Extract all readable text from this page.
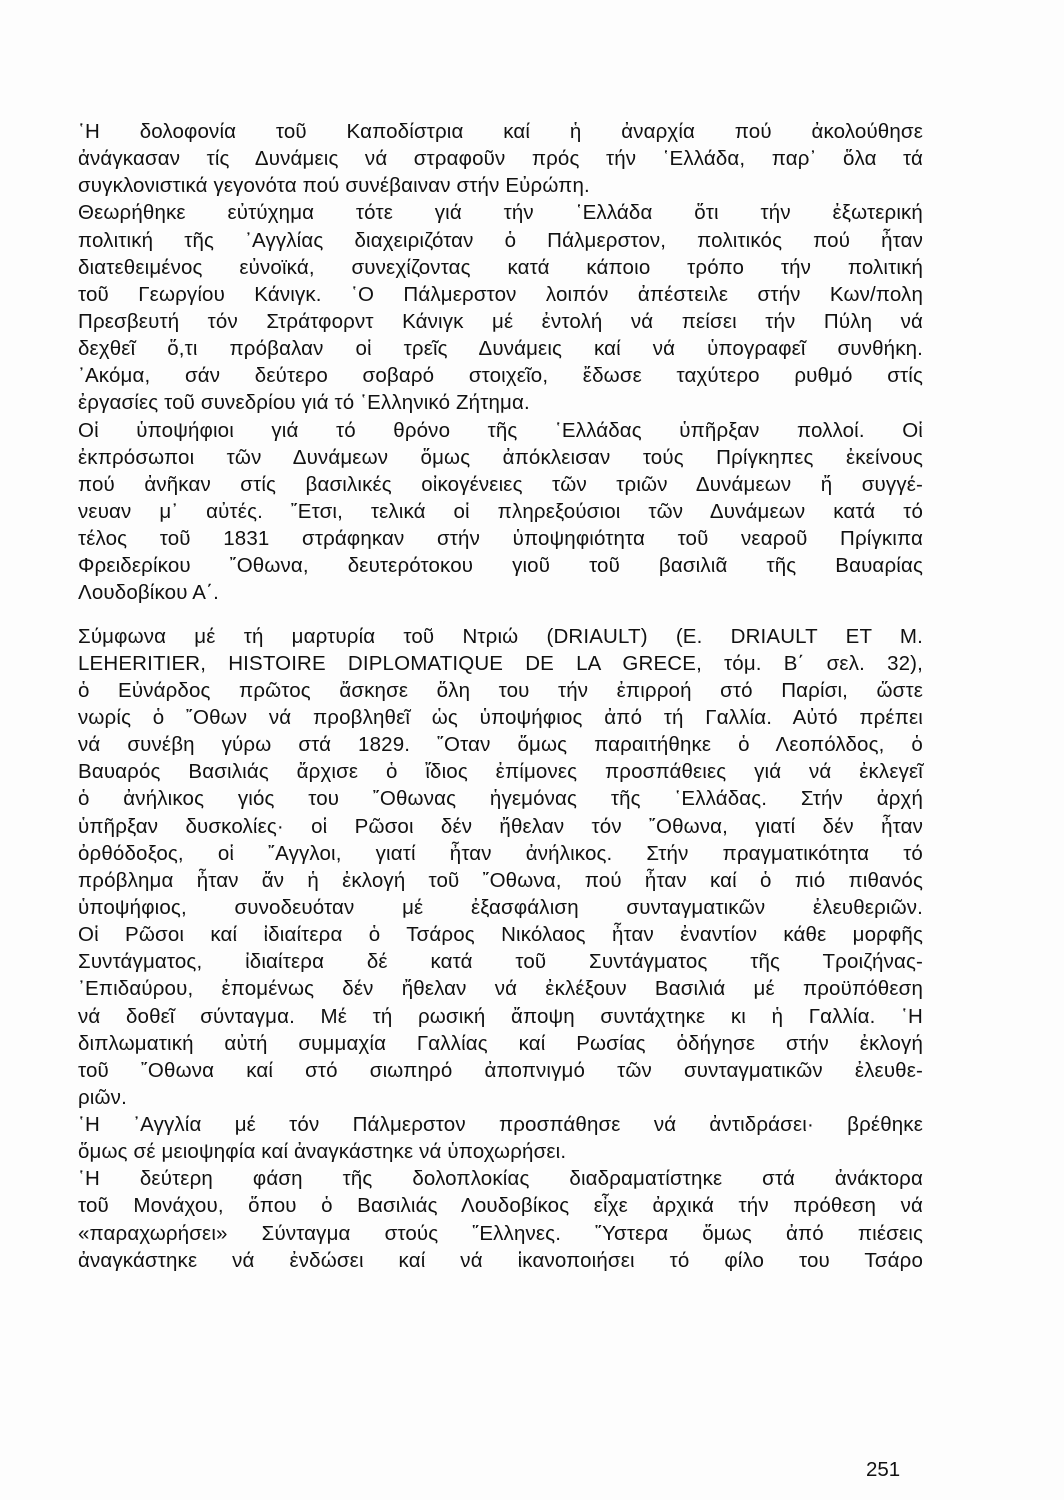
῾Η δολοφονία τοῦ Καποδίστρια καί ἡ ἀναρχία πού ἀκολούθησε
ἀνάγκασαν τίς Δυνάμεις νά στραφοῦν πρός τήν ῾Ελλάδα, παρ᾽ ὅλα τά
συγκλονιστικά γεγονότα πού συνέβαιναν στήν Εὐρώπη.
Θεωρήθηκε εὐτύχημα τότε γιά τήν ῾Ελλάδα ὅτι τήν ἐξωτερική
πολιτική τῆς ᾽Αγγλίας διαχειριζόταν ὁ Πάλμερστον, πολιτικός πού ἦταν
διατεθειμένος εὐνοϊκά, συνεχίζοντας κατά κάποιο τρόπο τήν πολιτική
τοῦ Γεωργίου Κάνιγκ. ῾Ο Πάλμερστον λοιπόν ἀπέστειλε στήν Κων/πολη
Πρεσβευτή τόν Στράτφορντ Κάνιγκ μέ ἐντολή νά πείσει τήν Πύλη νά
δεχθεῖ ὅ,τι πρόβαλαν οἱ τρεῖς Δυνάμεις καί νά ὑπογραφεῖ συνθήκη.
᾽Ακόμα, σάν δεύτερο σοβαρό στοιχεῖο, ἔδωσε ταχύτερο ρυθμό στίς
ἐργασίες τοῦ συνεδρίου γιά τό ῾Ελληνικό Ζήτημα.
Οἱ ὑποψήφιοι γιά τό θρόνο τῆς ῾Ελλάδας ὑπῆρξαν πολλοί. Οἱ
ἐκπρόσωποι τῶν Δυνάμεων ὅμως ἀπόκλεισαν τούς Πρίγκηπες ἐκείνους
πού ἀνῆκαν στίς βασιλικές οἰκογένειες τῶν τριῶν Δυνάμεων ἤ συγγέ-
νευαν μ᾽ αὐτές. ῎Ετσι, τελικά οἱ πληρεξούσιοι τῶν Δυνάμεων κατά τό
τέλος τοῦ 1831 στράφηκαν στήν ὑποψηφιότητα τοῦ νεαροῦ Πρίγκιπα
Φρειδερίκου ῎Οθωνα, δευτερότοκου γιοῦ τοῦ βασιλιᾶ τῆς Βαυαρίας
Λουδοβίκου Α΄.
Σύμφωνα μέ τή μαρτυρία τοῦ Ντριώ (DRIAULT) (E. DRIAULT ET M.
LEHERITIER, HISTOIRE DIPLOMATIQUE DE LA GRECE, τόμ. Β΄ σελ. 32),
ὁ Εὐνάρδος πρῶτος ἄσκησε ὅλη του τήν ἐπιρροή στό Παρίσι, ὥστε
νωρίς ὁ ῎Οθων νά προβληθεῖ ὡς ὑποψήφιος ἀπό τή Γαλλία. Αὐτό πρέπει
νά συνέβη γύρω στά 1829. ῞Οταν ὅμως παραιτήθηκε ὁ Λεοπόλδος, ὁ
Βαυαρός Βασιλιάς ἄρχισε ὁ ἴδιος ἐπίμονες προσπάθειες γιά νά ἐκλεγεῖ
ὁ ἀνήλικος γιός του ῎Οθωνας ἡγεμόνας τῆς ῾Ελλάδας. Στήν ἀρχή
ὑπῆρξαν δυσκολίες· οἱ Ρῶσοι δέν ἤθελαν τόν ῎Οθωνα, γιατί δέν ἦταν
ὀρθόδοξος, οἱ ῎Αγγλοι, γιατί ἦταν ἀνήλικος. Στήν πραγματικότητα τό
πρόβλημα ἦταν ἄν ἡ ἐκλογή τοῦ ῎Οθωνα, πού ἦταν καί ὁ πιό πιθανός
ὑποψήφιος, συνοδευόταν μέ ἐξασφάλιση συνταγματικῶν ἐλευθεριῶν.
Οἱ Ρῶσοι καί ἰδιαίτερα ὁ Τσάρος Νικόλαος ἦταν ἐναντίον κάθε μορφῆς
Συντάγματος, ἰδιαίτερα δέ κατά τοῦ Συντάγματος τῆς Τροιζήνας-
᾽Επιδαύρου, ἐπομένως δέν ἤθελαν νά ἐκλέξουν Βασιλιά μέ προϋπόθεση
νά δοθεῖ σύνταγμα. Μέ τή ρωσική ἄποψη συντάχτηκε κι ἡ Γαλλία. ῾Η
διπλωματική αὐτή συμμαχία Γαλλίας καί Ρωσίας ὁδήγησε στήν ἐκλογή
τοῦ ῎Οθωνα καί στό σιωπηρό ἀποπνιγμό τῶν συνταγματικῶν ἐλευθε-
ριῶν.
῾Η ᾽Αγγλία μέ τόν Πάλμερστον προσπάθησε νά ἀντιδράσει· βρέθηκε
ὅμως σέ μειοψηφία καί ἀναγκάστηκε νά ὑποχωρήσει.
῾Η δεύτερη φάση τῆς δολοπλοκίας διαδραματίστηκε στά ἀνάκτορα
τοῦ Μονάχου, ὅπου ὁ Βασιλιάς Λουδοβίκος εἶχε ἀρχικά τήν πρόθεση νά
«παραχωρήσει» Σύνταγμα στούς ῞Ελληνες. ῞Υστερα ὅμως ἀπό πιέσεις
ἀναγκάστηκε νά ἐνδώσει καί νά ἱκανοποιήσει τό φίλο του Τσάρο
251
